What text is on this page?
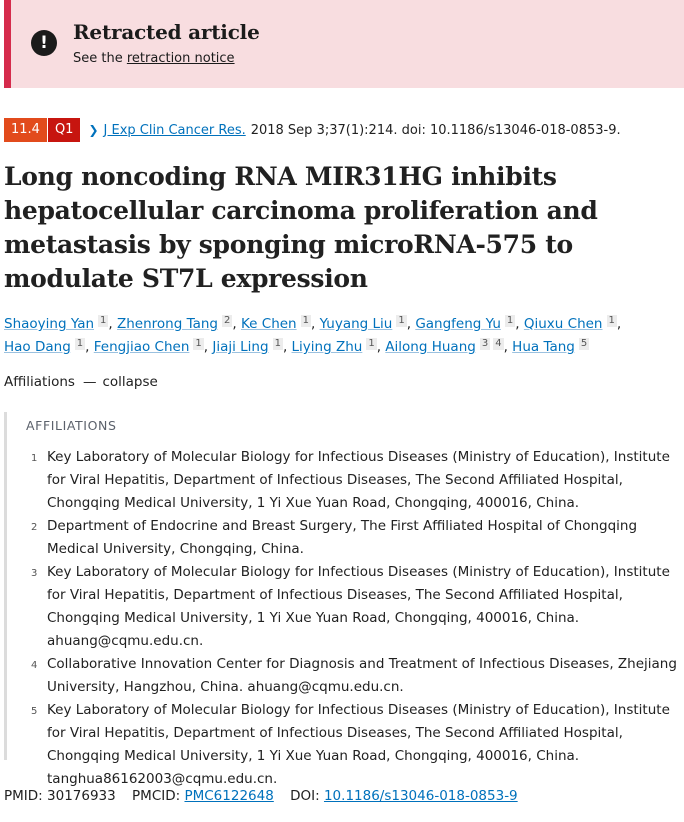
!	Retracted article
See the retraction notice
11.4	Q1	❯ J Exp Clin Cancer Res. 2018 Sep 3;37(1):214. doi: 10.1186/s13046-018-0853-9.
Long noncoding RNA MIR31HG inhibits hepatocellular carcinoma proliferation and metastasis by sponging microRNA-575 to modulate ST7L expression
Shaoying Yan $^1$ , Zhenrong Tang $^2$ , Ke Chen $^1$ , Yuyang Liu $^1$ , Gangfeng Yu $^1$ , Qiuxu Chen $^1$ , Hao Dang $^1$ , Fengjiao Chen $^1$ , Jiaji Ling $^1$ , Liying Zhu $^1$ , Ailong Huang $^3$ $^4$ , Hua Tang $^5$
Affiliations — collapse
AFFILIATIONS
1 Key Laboratory of Molecular Biology for Infectious Diseases (Ministry of Education), Institute for Viral Hepatitis, Department of Infectious Diseases, The Second Affiliated Hospital, Chongqing Medical University, 1 Yi Xue Yuan Road, Chongqing, 400016, China.
2 Department of Endocrine and Breast Surgery, The First Affiliated Hospital of Chongqing Medical University, Chongqing, China.
3 Key Laboratory of Molecular Biology for Infectious Diseases (Ministry of Education), Institute for Viral Hepatitis, Department of Infectious Diseases, The Second Affiliated Hospital, Chongqing Medical University, 1 Yi Xue Yuan Road, Chongqing, 400016, China. ahuang@cqmu.edu.cn.
4 Collaborative Innovation Center for Diagnosis and Treatment of Infectious Diseases, Zhejiang University, Hangzhou, China. ahuang@cqmu.edu.cn.
5 Key Laboratory of Molecular Biology for Infectious Diseases (Ministry of Education), Institute for Viral Hepatitis, Department of Infectious Diseases, The Second Affiliated Hospital, Chongqing Medical University, 1 Yi Xue Yuan Road, Chongqing, 400016, China. tanghua86162003@cqmu.edu.cn.
PMID: 30176933 PMCID: PMC6122648 DOI: 10.1186/s13046-018-0853-9
